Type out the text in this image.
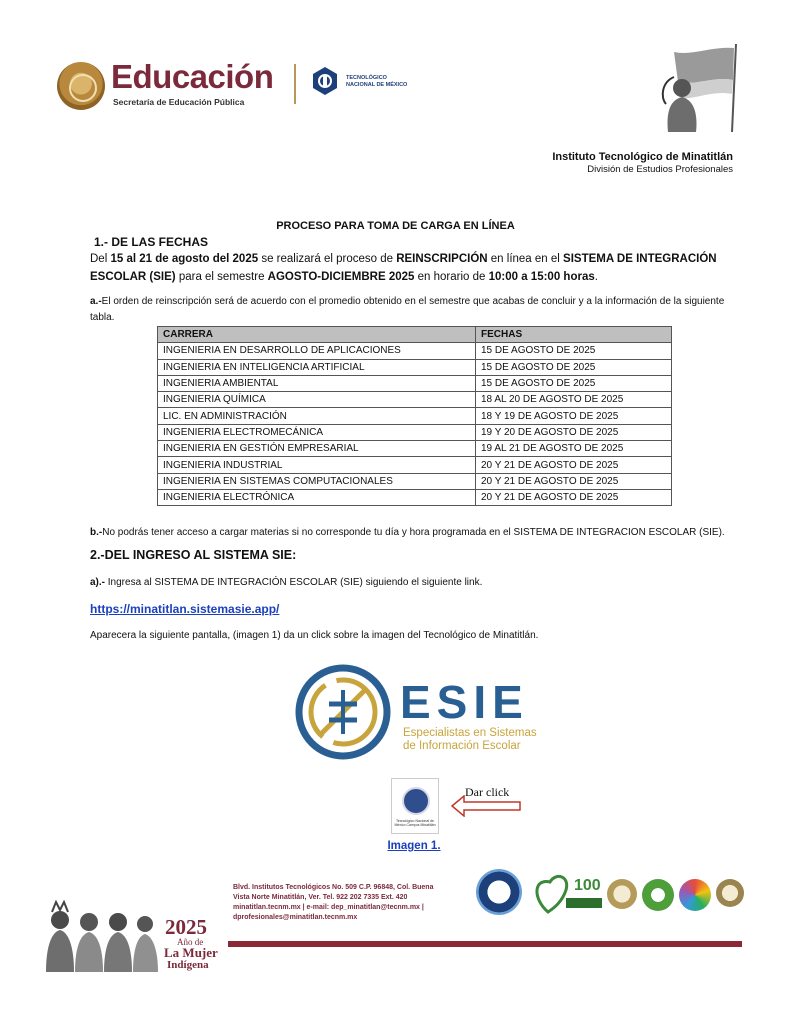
Educación
Secretaría de Educación Pública
TECNOLÓGICO
NACIONAL DE MÉXICO
Instituto Tecnológico de Minatitlán
División de Estudios Profesionales
PROCESO PARA TOMA DE CARGA EN LÍNEA
1.- DE LAS FECHAS
Del 15 al 21 de agosto del 2025 se realizará el proceso de REINSCRIPCIÓN en línea en el SISTEMA DE INTEGRACIÓN ESCOLAR (SIE) para el semestre AGOSTO-DICIEMBRE 2025 en horario de 10:00 a 15:00 horas.
a.-El orden de reinscripción será de acuerdo con el promedio obtenido en el semestre que acabas de concluir y a la información de la siguiente tabla.
CARRERA	FECHAS
INGENIERIA EN DESARROLLO DE APLICACIONES	15 DE AGOSTO DE 2025
INGENIERIA EN INTELIGENCIA ARTIFICIAL	15 DE AGOSTO DE 2025
INGENIERIA AMBIENTAL	15 DE AGOSTO DE 2025
INGENIERIA QUÍMICA	18 AL 20 DE AGOSTO DE 2025
LIC. EN ADMINISTRACIÓN	18 Y 19 DE AGOSTO DE 2025
INGENIERIA ELECTROMECÁNICA	19 Y 20 DE AGOSTO DE 2025
INGENIERIA EN GESTIÓN EMPRESARIAL	19 AL 21 DE AGOSTO DE 2025
INGENIERIA INDUSTRIAL	20 Y 21 DE AGOSTO DE 2025
INGENIERIA EN SISTEMAS COMPUTACIONALES	20 Y 21 DE AGOSTO DE 2025
INGENIERIA ELECTRÓNICA	20 Y 21 DE AGOSTO DE 2025
b.-No podrás tener acceso a cargar materias si no corresponde tu día y hora programada en el SISTEMA DE INTEGRACION ESCOLAR (SIE).
2.-DEL INGRESO AL SISTEMA SIE:
a).- Ingresa al SISTEMA DE INTEGRACIÓN ESCOLAR (SIE) siguiendo el siguiente link.
https://minatitlan.sistemasie.app/
Aparecera la siguiente pantalla, (imagen 1) da un click sobre la imagen del Tecnológico de Minatitlán.
ESIE
Especialistas en Sistemas
de Información Escolar
Tecnológico Nacional de México Campus Minatitlán
Dar click
Imagen 1.
Blvd. Institutos Tecnológicos No. 509 C.P. 96848, Col. Buena
Vista Norte Minatitlán, Ver. Tel. 922 202 7335 Ext. 420
minatitlan.tecnm.mx | e-mail: dep_minatitlan@tecnm.mx |
dprofesionales@minatitlan.tecnm.mx
100
2025
Año de
La Mujer
Indígena
